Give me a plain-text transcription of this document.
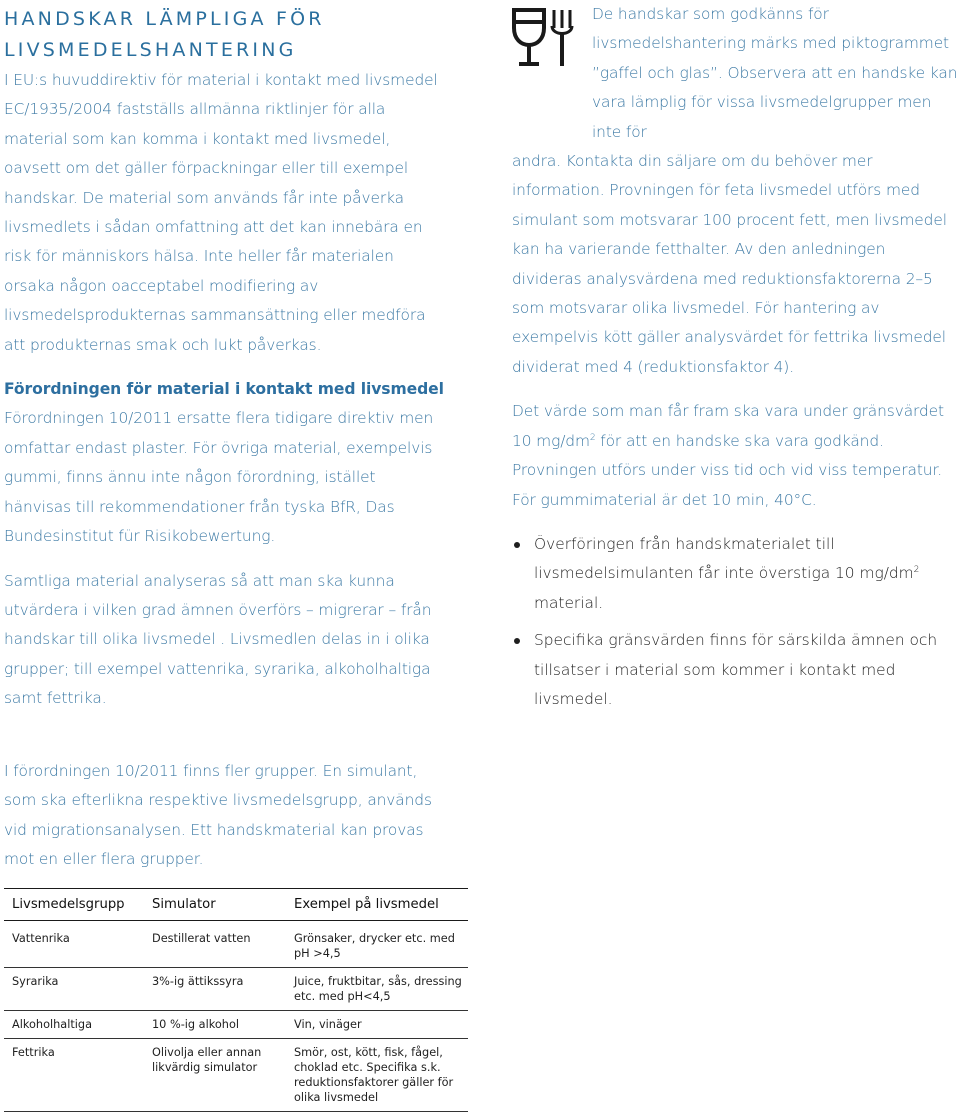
HANDSKAR LÄMPLIGA FÖR
LIVSMEDELSHANTERING

I EU:s huvuddirektiv för material i kontakt med livsmedel EC/1935/2004 fastställs allmänna riktlinjer för alla material som kan komma i kontakt med livsmedel, oavsett om det gäller förpackningar eller till exempel handskar. De material som används får inte påverka livsmedlets i sådan omfattning att det kan innebära en risk för människors hälsa. Inte heller får materialen orsaka någon oacceptabel modifiering av livsmedelsprodukternas sammansättning eller medföra att produkternas smak och lukt påverkas.

Förordningen för material i kontakt med livsmedel

Förordningen 10/2011 ersatte flera tidigare direktiv men omfattar endast plaster. För övriga material, exempelvis gummi, finns ännu inte någon förordning, istället hänvisas till rekommendationer från tyska BfR, Das Bundesinstitut für Risikobewertung.

Samtliga material analyseras så att man ska kunna utvärdera i vilken grad ämnen överförs – migrerar – från handskar till olika livsmedel . Livsmedlen delas in i olika grupper; till exempel vattenrika, syrarika, alkoholhaltiga samt fettrika.

I förordningen 10/2011 finns fler grupper. En simulant, som ska efterlikna respektive livsmedelsgrupp, används vid migrationsanalysen. Ett handskmaterial kan provas mot en eller flera grupper.

De handskar som godkänns för livsmedelshantering märks med piktogrammet ”gaffel och glas”. Observera att en handske kan vara lämplig för vissa livsmedelgrupper men inte för

andra. Kontakta din säljare om du behöver mer information. Provningen för feta livsmedel utförs med simulant som motsvarar 100 procent fett, men livsmedel kan ha varierande fetthalter. Av den anledningen divideras analysvärdena med reduktionsfaktorerna 2–5 som motsvarar olika livsmedel. För hantering av exempelvis kött gäller analysvärdet för fettrika livsmedel dividerat med 4 (reduktionsfaktor 4).

Det värde som man får fram ska vara under gränsvärdet 10 $mg/dm^2$ för att en handske ska vara godkänd. Provningen utförs under viss tid och vid viss temperatur. För gummimaterial är det 10 min, 40°C.

Överföringen från handskmaterialet till livsmedelsimulanten får inte överstiga 10 $mg/dm^2$ material.
Specifika gränsvärden finns för särskilda ämnen och tillsatser i material som kommer i kontakt med livsmedel.
Livsmedelsgrupp	Simulator	Exempel på livsmedel
Vattenrika	Destillerat vatten	Grönsaker, drycker etc. med pH >4,5
Syrarika	3%-ig ättikssyra	Juice, fruktbitar, sås, dressing etc. med pH<4,5
Alkoholhaltiga	10 %-ig alkohol	Vin, vinäger
Fettrika	Olivolja eller annan likvärdig simulator	Smör, ost, kött, fisk, fågel, choklad etc. Specifika s.k. reduktionsfaktorer gäller för olika livsmedel
